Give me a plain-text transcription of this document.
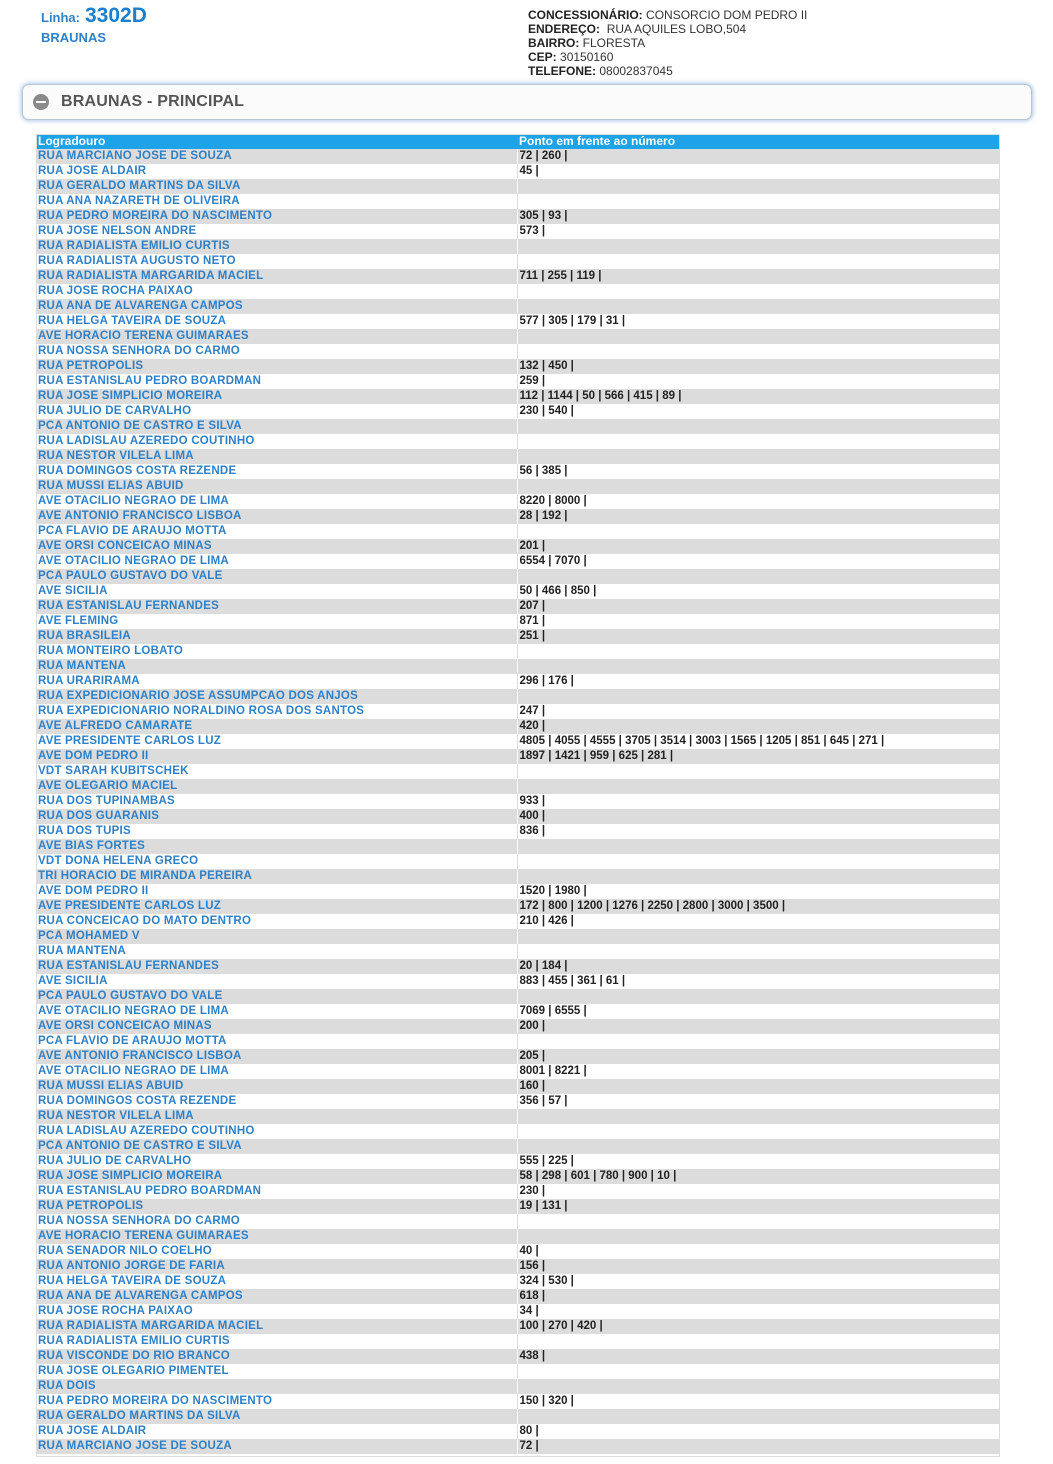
Linha: 3302D
BRAUNAS
CONCESSIONÁRIO: CONSORCIO DOM PEDRO II
ENDEREÇO: RUA AQUILES LOBO,504
BAIRRO: FLORESTA
CEP: 30150160
TELEFONE: 08002837045
BRAUNAS - PRINCIPAL
Logradouro	Ponto em frente ao número
RUA MARCIANO JOSE DE SOUZA	72 | 260 |
RUA JOSE ALDAIR	45 |
RUA GERALDO MARTINS DA SILVA	
RUA ANA NAZARETH DE OLIVEIRA	
RUA PEDRO MOREIRA DO NASCIMENTO	305 | 93 |
RUA JOSE NELSON ANDRE	573 |
RUA RADIALISTA EMILIO CURTIS	
RUA RADIALISTA AUGUSTO NETO	
RUA RADIALISTA MARGARIDA MACIEL	711 | 255 | 119 |
RUA JOSE ROCHA PAIXAO	
RUA ANA DE ALVARENGA CAMPOS	
RUA HELGA TAVEIRA DE SOUZA	577 | 305 | 179 | 31 |
AVE HORACIO TERENA GUIMARAES	
RUA NOSSA SENHORA DO CARMO	
RUA PETROPOLIS	132 | 450 |
RUA ESTANISLAU PEDRO BOARDMAN	259 |
RUA JOSE SIMPLICIO MOREIRA	112 | 1144 | 50 | 566 | 415 | 89 |
RUA JULIO DE CARVALHO	230 | 540 |
PCA ANTONIO DE CASTRO E SILVA	
RUA LADISLAU AZEREDO COUTINHO	
RUA NESTOR VILELA LIMA	
RUA DOMINGOS COSTA REZENDE	56 | 385 |
RUA MUSSI ELIAS ABUID	
AVE OTACILIO NEGRAO DE LIMA	8220 | 8000 |
AVE ANTONIO FRANCISCO LISBOA	28 | 192 |
PCA FLAVIO DE ARAUJO MOTTA	
AVE ORSI CONCEICAO MINAS	201 |
AVE OTACILIO NEGRAO DE LIMA	6554 | 7070 |
PCA PAULO GUSTAVO DO VALE	
AVE SICILIA	50 | 466 | 850 |
RUA ESTANISLAU FERNANDES	207 |
AVE FLEMING	871 |
RUA BRASILEIA	251 |
RUA MONTEIRO LOBATO	
RUA MANTENA	
RUA URARIRAMA	296 | 176 |
RUA EXPEDICIONARIO JOSE ASSUMPCAO DOS ANJOS	
RUA EXPEDICIONARIO NORALDINO ROSA DOS SANTOS	247 |
AVE ALFREDO CAMARATE	420 |
AVE PRESIDENTE CARLOS LUZ	4805 | 4055 | 4555 | 3705 | 3514 | 3003 | 1565 | 1205 | 851 | 645 | 271 |
AVE DOM PEDRO II	1897 | 1421 | 959 | 625 | 281 |
VDT SARAH KUBITSCHEK	
AVE OLEGARIO MACIEL	
RUA DOS TUPINAMBAS	933 |
RUA DOS GUARANIS	400 |
RUA DOS TUPIS	836 |
AVE BIAS FORTES	
VDT DONA HELENA GRECO	
TRI HORACIO DE MIRANDA PEREIRA	
AVE DOM PEDRO II	1520 | 1980 |
AVE PRESIDENTE CARLOS LUZ	172 | 800 | 1200 | 1276 | 2250 | 2800 | 3000 | 3500 |
RUA CONCEICAO DO MATO DENTRO	210 | 426 |
PCA MOHAMED V	
RUA MANTENA	
RUA ESTANISLAU FERNANDES	20 | 184 |
AVE SICILIA	883 | 455 | 361 | 61 |
PCA PAULO GUSTAVO DO VALE	
AVE OTACILIO NEGRAO DE LIMA	7069 | 6555 |
AVE ORSI CONCEICAO MINAS	200 |
PCA FLAVIO DE ARAUJO MOTTA	
AVE ANTONIO FRANCISCO LISBOA	205 |
AVE OTACILIO NEGRAO DE LIMA	8001 | 8221 |
RUA MUSSI ELIAS ABUID	160 |
RUA DOMINGOS COSTA REZENDE	356 | 57 |
RUA NESTOR VILELA LIMA	
RUA LADISLAU AZEREDO COUTINHO	
PCA ANTONIO DE CASTRO E SILVA	
RUA JULIO DE CARVALHO	555 | 225 |
RUA JOSE SIMPLICIO MOREIRA	58 | 298 | 601 | 780 | 900 | 10 |
RUA ESTANISLAU PEDRO BOARDMAN	230 |
RUA PETROPOLIS	19 | 131 |
RUA NOSSA SENHORA DO CARMO	
AVE HORACIO TERENA GUIMARAES	
RUA SENADOR NILO COELHO	40 |
RUA ANTONIO JORGE DE FARIA	156 |
RUA HELGA TAVEIRA DE SOUZA	324 | 530 |
RUA ANA DE ALVARENGA CAMPOS	618 |
RUA JOSE ROCHA PAIXAO	34 |
RUA RADIALISTA MARGARIDA MACIEL	100 | 270 | 420 |
RUA RADIALISTA EMILIO CURTIS	
RUA VISCONDE DO RIO BRANCO	438 |
RUA JOSE OLEGARIO PIMENTEL	
RUA DOIS	
RUA PEDRO MOREIRA DO NASCIMENTO	150 | 320 |
RUA GERALDO MARTINS DA SILVA	
RUA JOSE ALDAIR	80 |
RUA MARCIANO JOSE DE SOUZA	72 |
